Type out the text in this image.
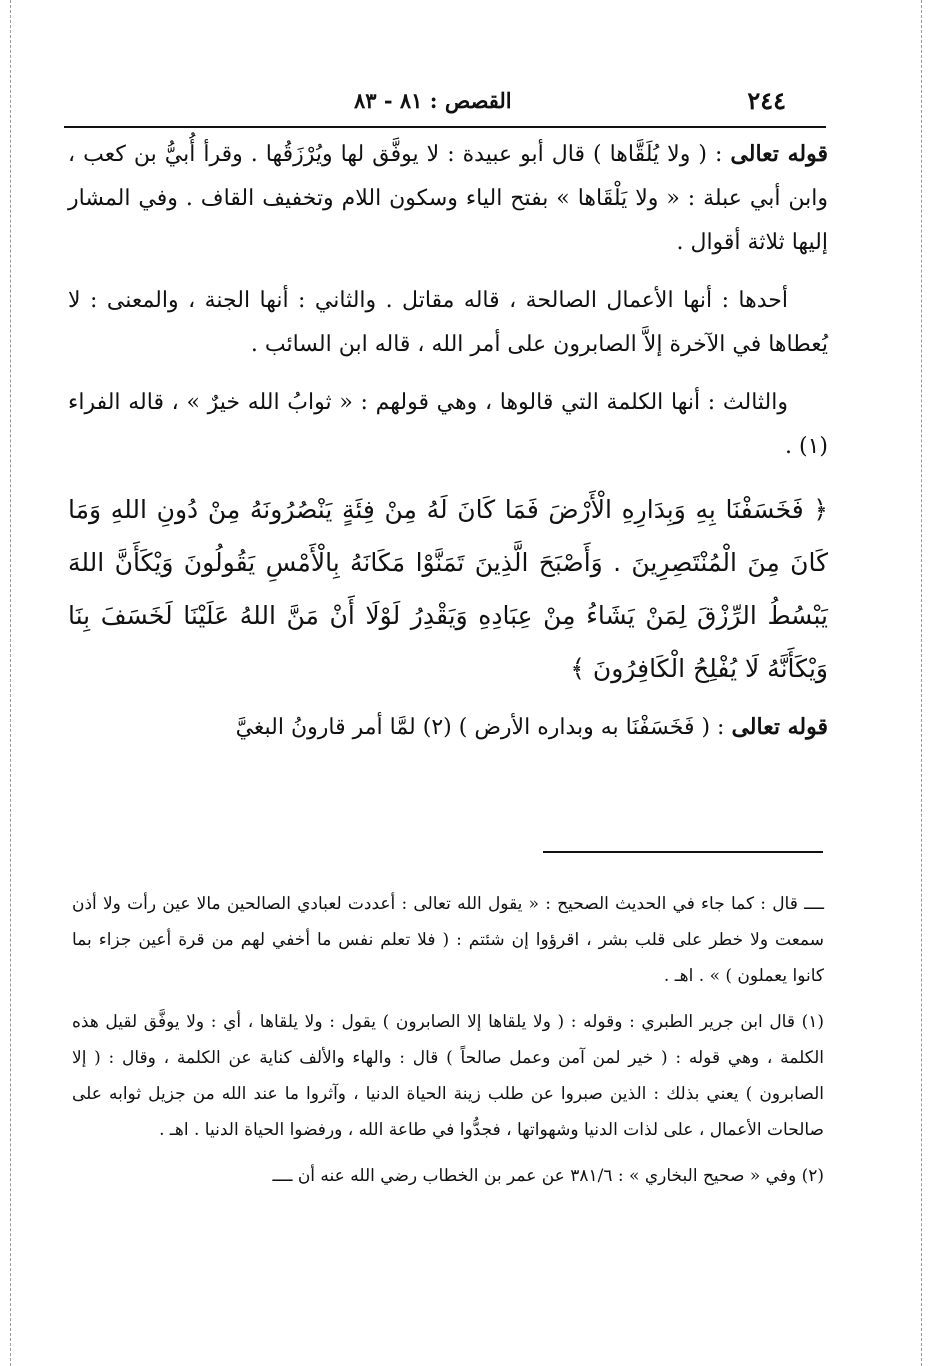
٢٤٤
القصص : ٨١ - ٨٣

قوله تعالى : ( ولا يُلَقَّاها ) قال أبو عبيدة : لا يوفَّق لها ويُرْزَقُها . وقرأ أُبيُّ بن كعب ، وابن أبي عبلة : « ولا يَلْقَاها » بفتح الياء وسكون اللام وتخفيف القاف . وفي المشار إليها ثلاثة أقوال .

أحدها : أنها الأعمال الصالحة ، قاله مقاتل . والثاني : أنها الجنة ، والمعنى : لا يُعطاها في الآخرة إلاَّ الصابرون على أمر الله ، قاله ابن السائب .

والثالث : أنها الكلمة التي قالوها ، وهي قولهم : « ثوابُ الله خيرٌ » ، قاله الفراء (١) .

﴿ فَخَسَفْنَا بِهِ وَبِدَارِهِ الْأَرْضَ فَمَا كَانَ لَهُ مِنْ فِئَةٍ يَنْصُرُونَهُ مِنْ دُونِ اللهِ وَمَا كَانَ مِنَ الْمُنْتَصِرِينَ . وَأَصْبَحَ الَّذِينَ تَمَنَّوْا مَكَانَهُ بِالْأَمْسِ يَقُولُونَ وَيْكَأَنَّ اللهَ يَبْسُطُ الرِّزْقَ لِمَنْ يَشَاءُ مِنْ عِبَادِهِ وَيَقْدِرُ لَوْلَا أَنْ مَنَّ اللهُ عَلَيْنَا لَخَسَفَ بِنَا وَيْكَأَنَّهُ لَا يُفْلِحُ الْكَافِرُونَ ﴾

قوله تعالى : ( فَخَسَفْنَا به وبداره الأرض ) (٢) لمَّا أمر قارونُ البغيَّ

ــــ قال : كما جاء في الحديث الصحيح : « يقول الله تعالى : أعددت لعبادي الصالحين مالا عين رأت ولا أذن سمعت ولا خطر على قلب بشر ، اقرؤوا إن شئتم : ( فلا تعلم نفس ما أخفي لهم من قرة أعين جزاء بما كانوا يعملون ) » . اهـ .

(١) قال ابن جرير الطبري : وقوله : ( ولا يلقاها إلا الصابرون ) يقول : ولا يلقاها ، أي : ولا يوفَّق لقيل هذه الكلمة ، وهي قوله : ( خير لمن آمن وعمل صالحاً ) قال : والهاء والألف كناية عن الكلمة ، وقال : ( إلا الصابرون ) يعني بذلك : الذين صبروا عن طلب زينة الحياة الدنيا ، وآثروا ما عند الله من جزيل ثوابه على صالحات الأعمال ، على لذات الدنيا وشهواتها ، فجدُّوا في طاعة الله ، ورفضوا الحياة الدنيا . اهـ .

(٢) وفي « صحيح البخاري » : ٣٨١/٦ عن عمر بن الخطاب رضي الله عنه أن ــــ
